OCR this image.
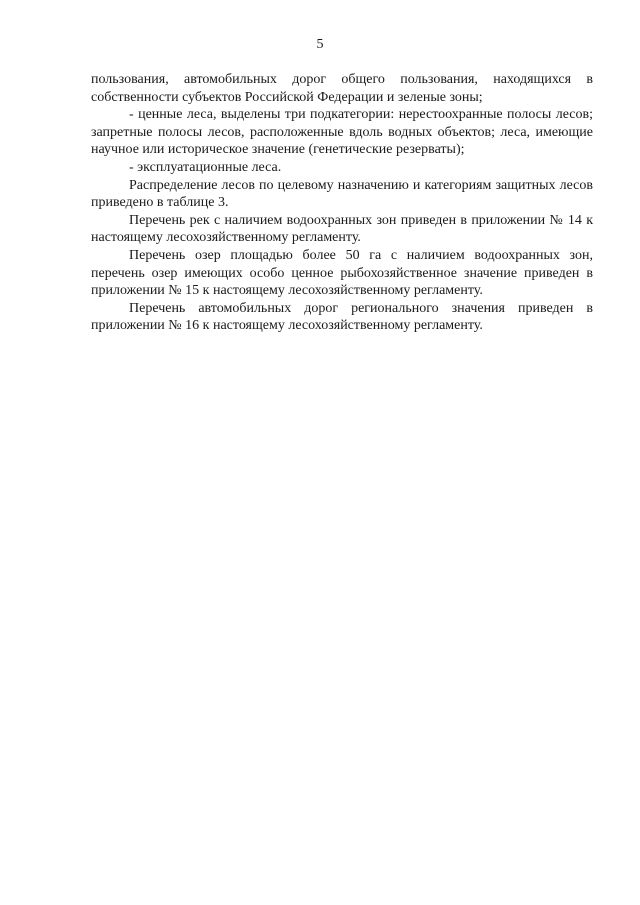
5

пользования, автомобильных дорог общего пользования, находящихся в собственности субъектов Российской Федерации и зеленые зоны;

- ценные леса, выделены три подкатегории: нерестоохранные полосы лесов; запретные полосы лесов, расположенные вдоль водных объектов; леса, имеющие научное или историческое значение (генетические резерваты);

- эксплуатационные леса.

Распределение лесов по целевому назначению и категориям защитных лесов приведено в таблице 3.

Перечень рек с наличием водоохранных зон приведен в приложении № 14 к настоящему лесохозяйственному регламенту.

Перечень озер площадью более 50 га с наличием водоохранных зон, перечень озер имеющих особо ценное рыбохозяйственное значение приведен в приложении № 15 к настоящему лесохозяйственному регламенту.

Перечень автомобильных дорог регионального значения приведен в приложении № 16 к настоящему лесохозяйственному регламенту.
